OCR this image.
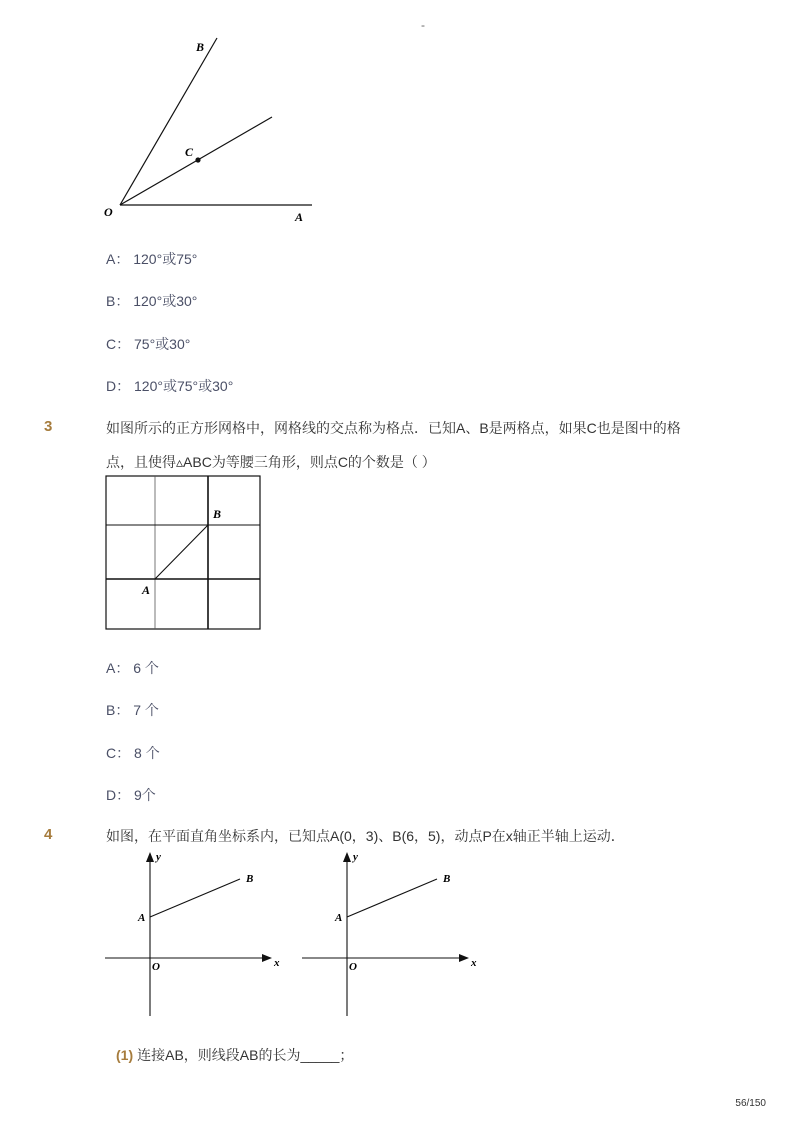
-
B
C
O	A
A： 120°或75°
B： 120°或30°
C： 75°或30°
D： 120°或75°或30°
3	如图所示的正方形网格中，网格线的交点称为格点．已知A、B是两格点，如果C也是图中的格
点，且使得▵ABC为等腰三角形，则点C的个数是（ ）
B
A
A： 6 个
B： 7 个
C： 8 个
D： 9个
4	如图，在平面直角坐标系内，已知点A(0，3)、B(6，5)，动点P在x轴正半轴上运动．
y
x
O
A
B
y
x
O
A
B
(1) 连接AB，则线段AB的长为_____；
56/150
